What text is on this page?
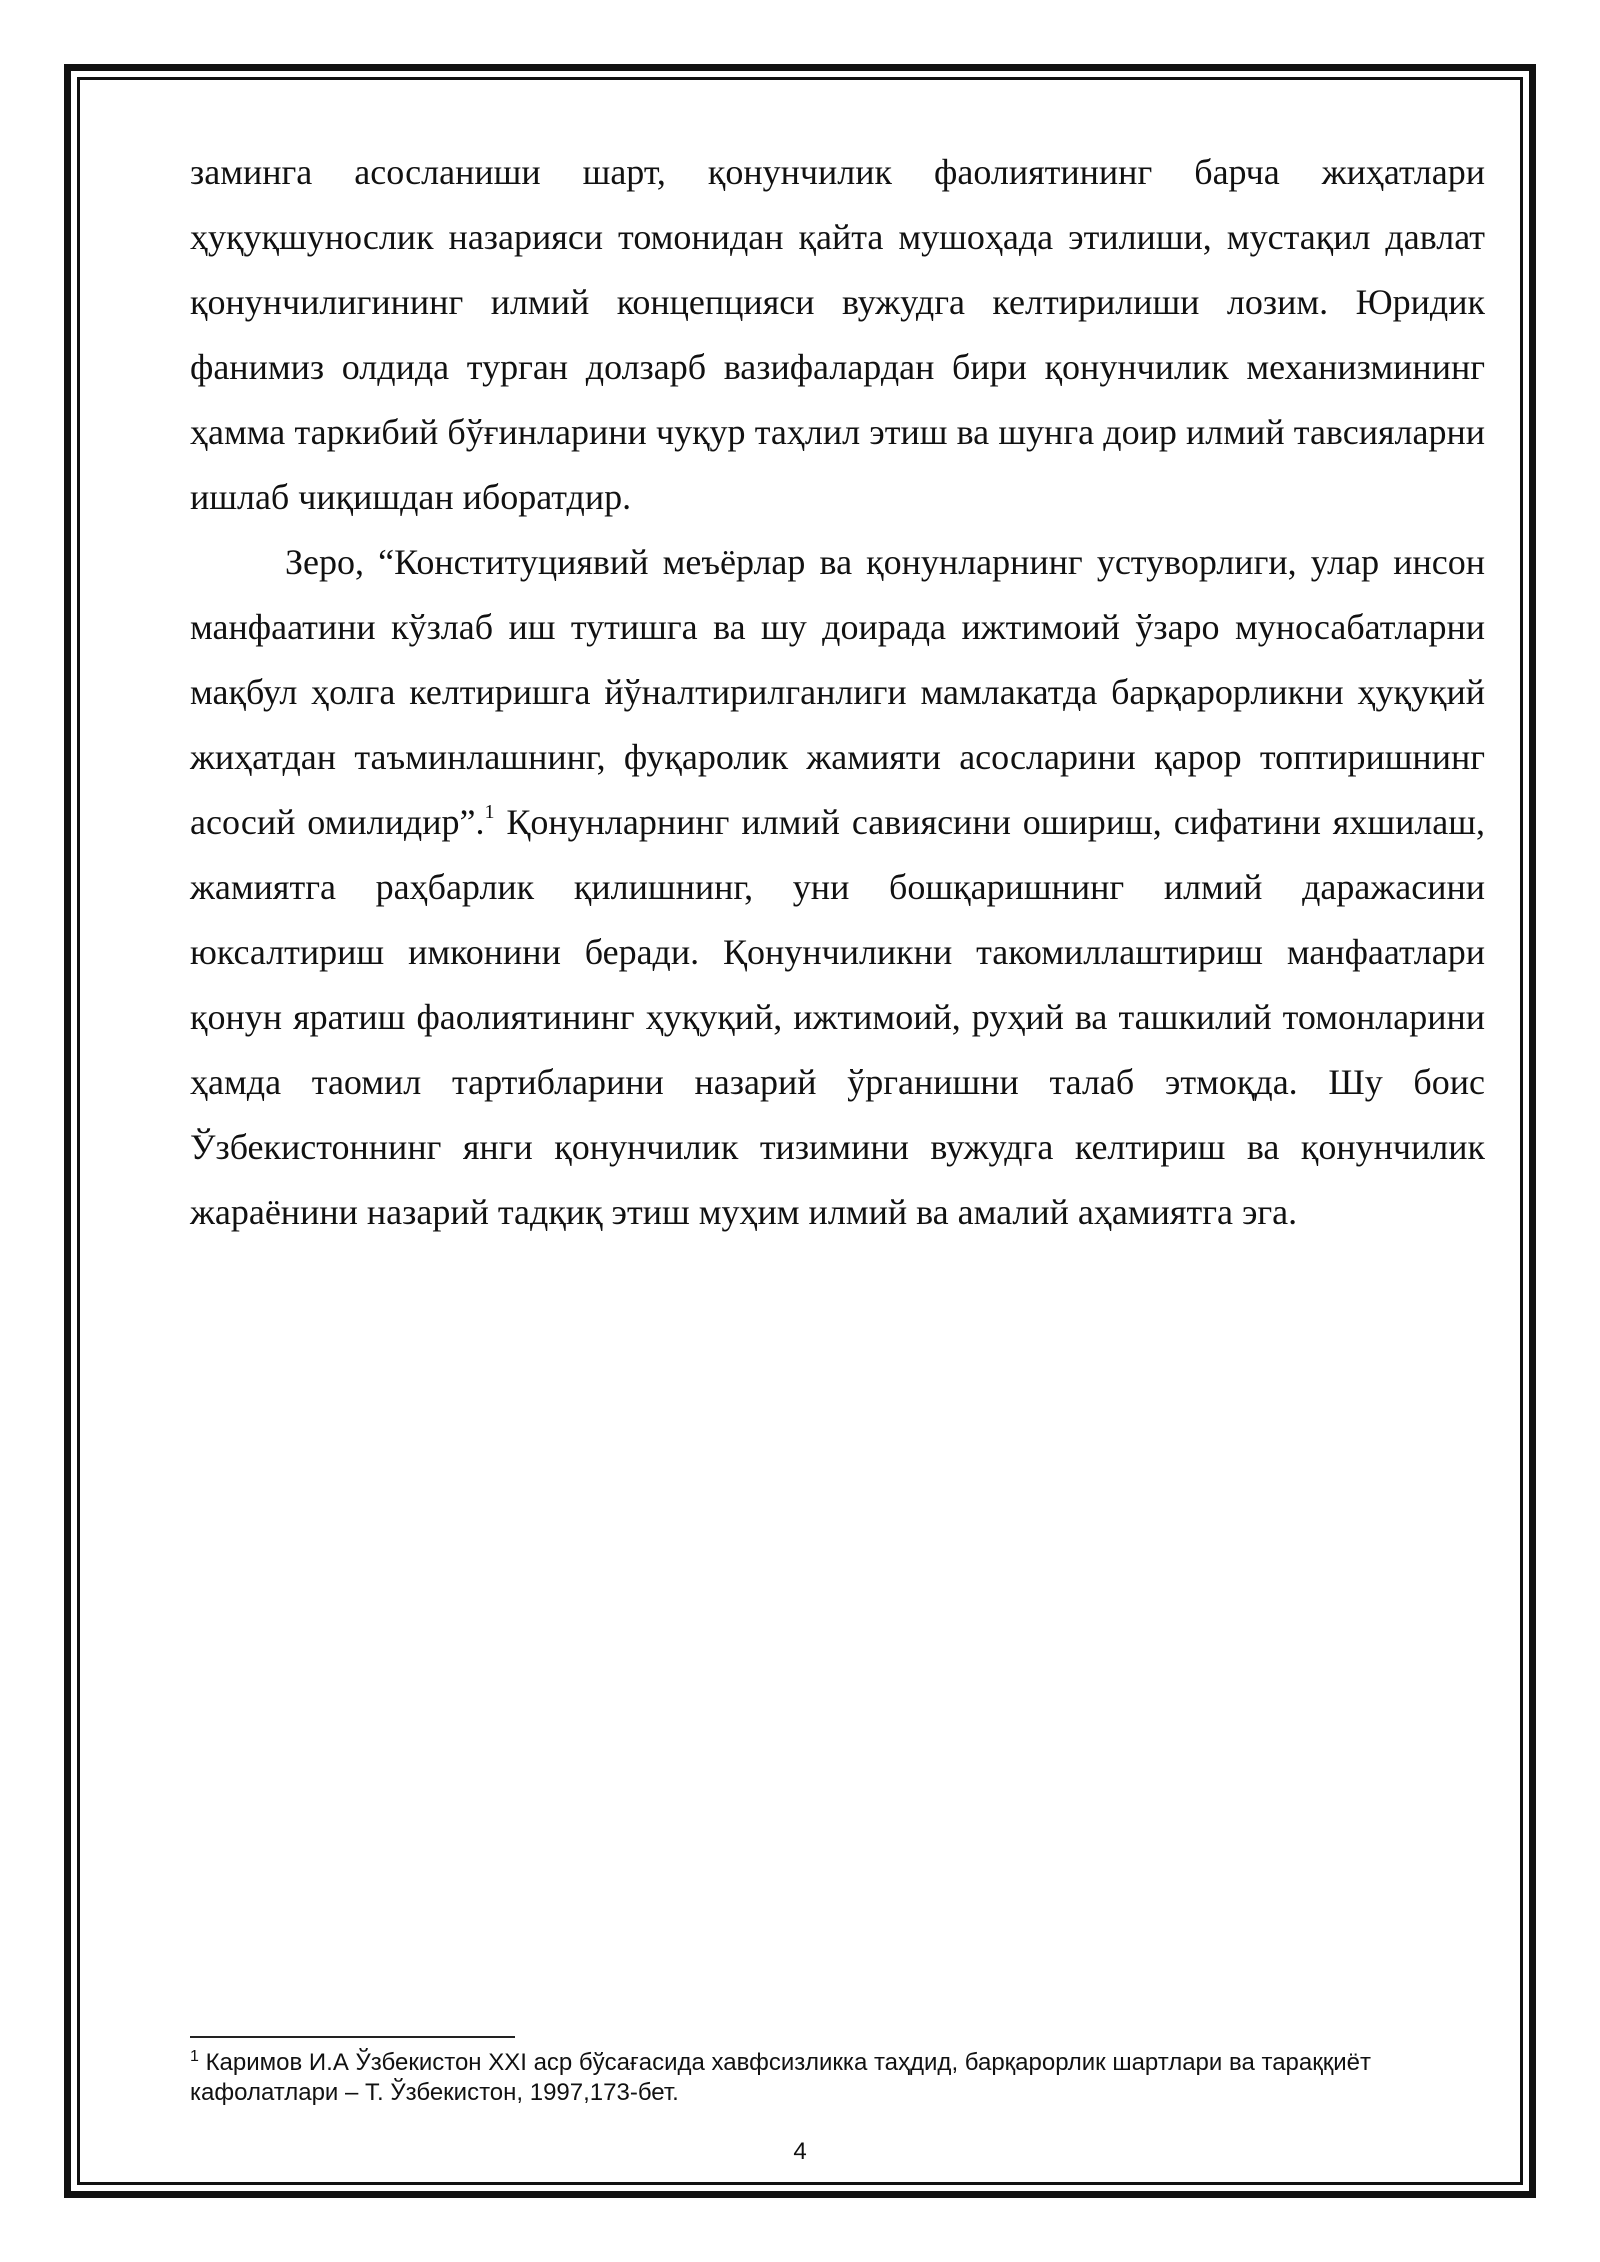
заминга асосланиши шарт, қонунчилик фаолиятининг барча жиҳатлари ҳуқуқшунослик назарияси томонидан қайта мушоҳада этилиши, мустақил давлат қонунчилигининг илмий концепцияси вужудга келтирилиши лозим. Юридик фанимиз олдида турган долзарб вазифалардан бири қонунчилик механизмининг ҳамма таркибий бўғинларини чуқур таҳлил этиш ва шунга доир илмий тавсияларни ишлаб чиқишдан иборатдир.

Зеро, “Конституциявий меъёрлар ва қонунларнинг устуворлиги, улар инсон манфаатини кўзлаб иш тутишга ва шу доирада ижтимоий ўзаро муносабатларни мақбул ҳолга келтиришга йўналтирилганлиги мамлакатда барқарорликни ҳуқуқий жиҳатдан таъминлашнинг, фуқаролик жамияти асосларини қарор топтиришнинг асосий омилидир”.$^1$ Қонунларнинг илмий савиясини ошириш, сифатини яхшилаш, жамиятга раҳбарлик қилишнинг, уни бошқаришнинг илмий даражасини юксалтириш имконини беради. Қонунчиликни такомиллаштириш манфаатлари қонун яратиш фаолиятининг ҳуқуқий, ижтимоий, руҳий ва ташкилий томонларини ҳамда таомил тартибларини назарий ўрганишни талаб этмоқда. Шу боис Ўзбекистоннинг янги қонунчилик тизимини вужудга келтириш ва қонунчилик жараёнини назарий тадқиқ этиш муҳим илмий ва амалий аҳамиятга эга.

$^1$ Каримов И.А Ўзбекистон XXI аср бўсағасида хавфсизликка таҳдид, барқарорлик шартлари ва тараққиёт кафолатлари – Т. Ўзбекистон, 1997,173-бет.

4
